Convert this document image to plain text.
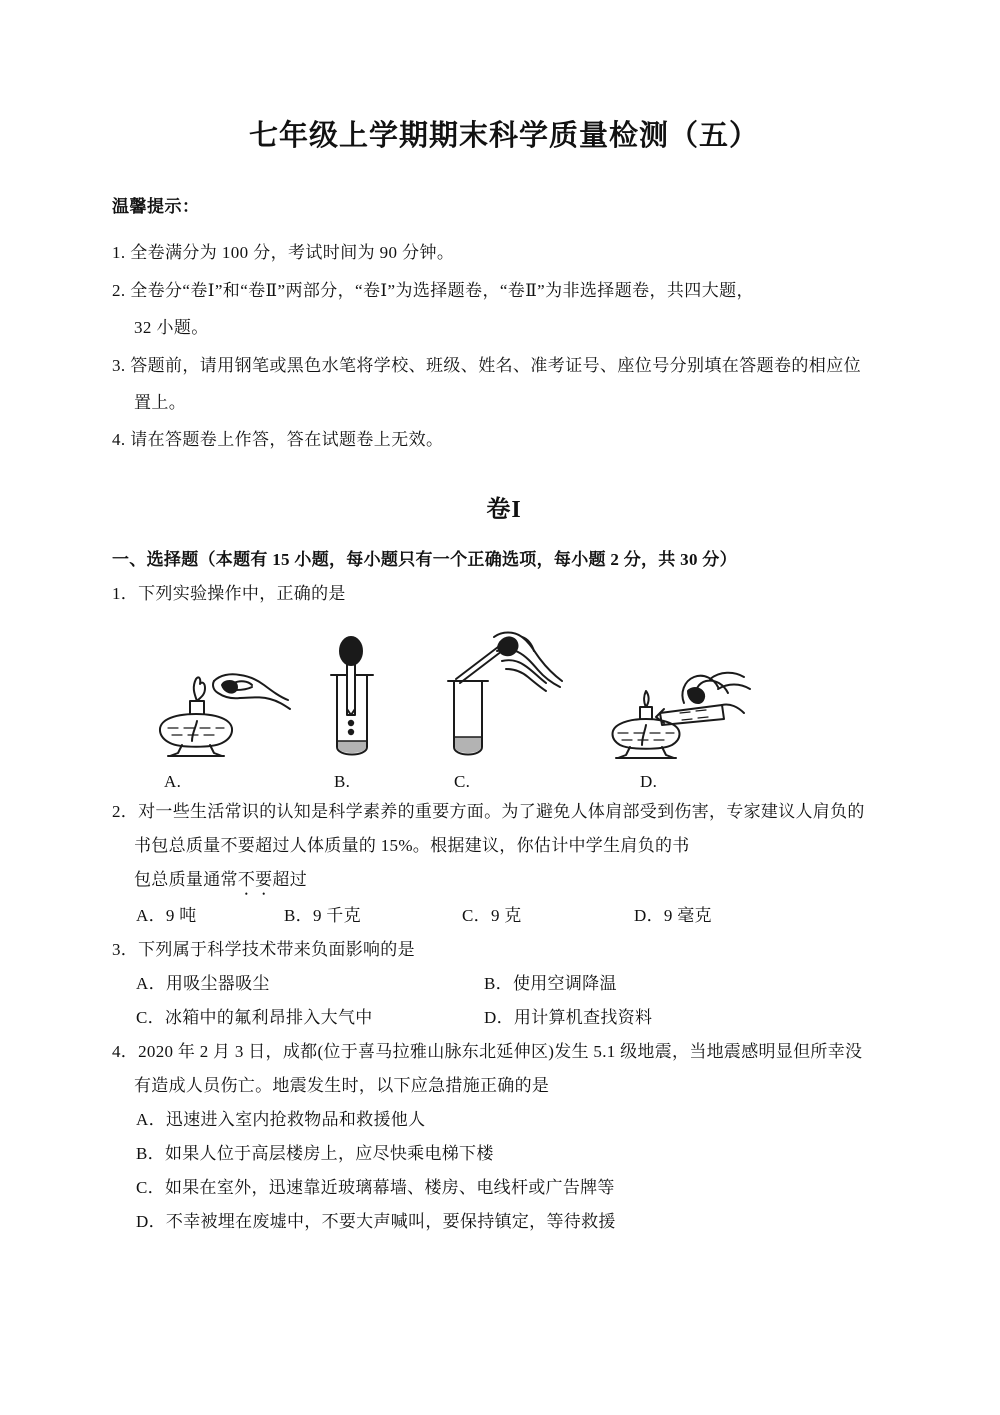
七年级上学期期末科学质量检测（五）
温馨提示：
1. 全卷满分为 100 分，考试时间为 90 分钟。
2. 全卷分“卷Ⅰ”和“卷Ⅱ”两部分，“卷Ⅰ”为选择题卷，“卷Ⅱ”为非选择题卷，共四大题，
32 小题。
3. 答题前，请用钢笔或黑色水笔将学校、班级、姓名、准考证号、座位号分别填在答题卷的相应位
置上。
4. 请在答题卷上作答，答在试题卷上无效。
卷I
一、选择题（本题有 15 小题，每小题只有一个正确选项，每小题 2 分，共 30 分）
1．下列实验操作中，正确的是
A.	B.	C.	D.
2．对一些生活常识的认知是科学素养的重要方面。为了避免人体肩部受到伤害，专家建议人肩负的
书包总质量不要超过人体质量的 15%。根据建议，你估计中学生肩负的书
包总质量通常不要超过
A．9 吨	B．9 千克	C．9 克	D．9 毫克
3．下列属于科学技术带来负面影响的是
A．用吸尘器吸尘	B．使用空调降温
C．冰箱中的氟利昂排入大气中	D．用计算机查找资料
4．2020 年 2 月 3 日，成都(位于喜马拉雅山脉东北延伸区)发生 5.1 级地震，当地震感明显但所幸没
有造成人员伤亡。地震发生时，以下应急措施正确的是
A．迅速进入室内抢救物品和救援他人
B．如果人位于高层楼房上，应尽快乘电梯下楼
C．如果在室外，迅速靠近玻璃幕墙、楼房、电线杆或广告牌等
D．不幸被埋在废墟中，不要大声喊叫，要保持镇定，等待救援
